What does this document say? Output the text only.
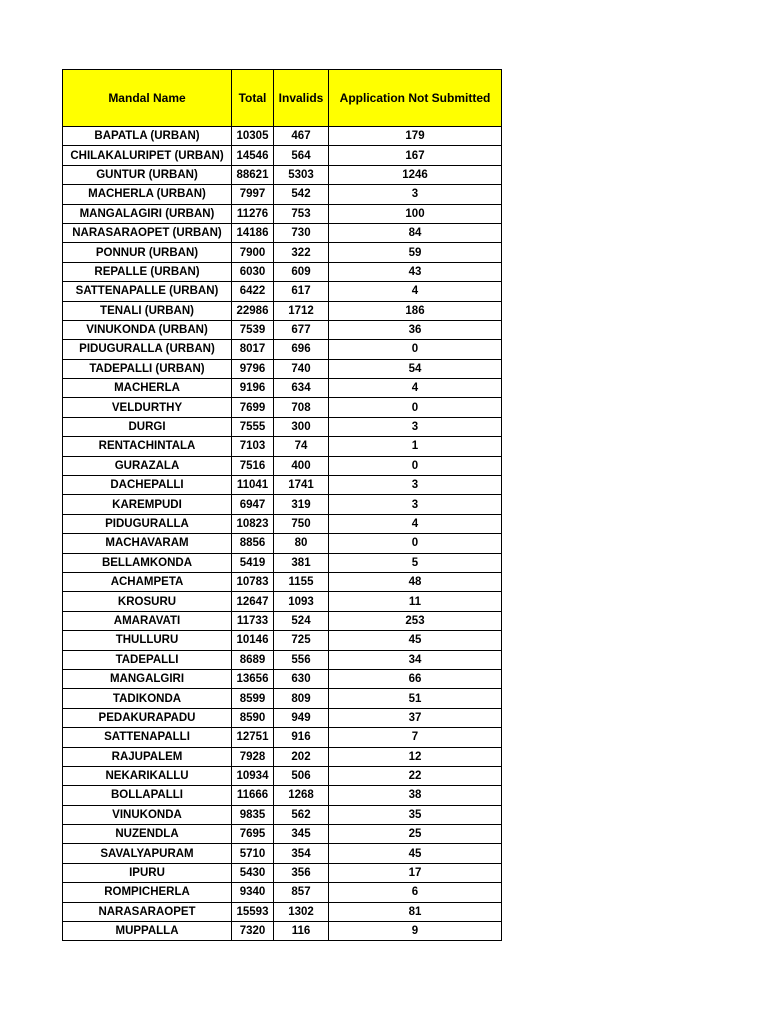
Mandal Name	Total	Invalids	Application Not Submitted
BAPATLA (URBAN)	10305	467	179
CHILAKALURIPET (URBAN)	14546	564	167
GUNTUR (URBAN)	88621	5303	1246
MACHERLA (URBAN)	7997	542	3
MANGALAGIRI (URBAN)	11276	753	100
NARASARAOPET (URBAN)	14186	730	84
PONNUR (URBAN)	7900	322	59
REPALLE (URBAN)	6030	609	43
SATTENAPALLE (URBAN)	6422	617	4
TENALI (URBAN)	22986	1712	186
VINUKONDA (URBAN)	7539	677	36
PIDUGURALLA (URBAN)	8017	696	0
TADEPALLI (URBAN)	9796	740	54
MACHERLA	9196	634	4
VELDURTHY	7699	708	0
DURGI	7555	300	3
RENTACHINTALA	7103	74	1
GURAZALA	7516	400	0
DACHEPALLI	11041	1741	3
KAREMPUDI	6947	319	3
PIDUGURALLA	10823	750	4
MACHAVARAM	8856	80	0
BELLAMKONDA	5419	381	5
ACHAMPETA	10783	1155	48
KROSURU	12647	1093	11
AMARAVATI	11733	524	253
THULLURU	10146	725	45
TADEPALLI	8689	556	34
MANGALGIRI	13656	630	66
TADIKONDA	8599	809	51
PEDAKURAPADU	8590	949	37
SATTENAPALLI	12751	916	7
RAJUPALEM	7928	202	12
NEKARIKALLU	10934	506	22
BOLLAPALLI	11666	1268	38
VINUKONDA	9835	562	35
NUZENDLA	7695	345	25
SAVALYAPURAM	5710	354	45
IPURU	5430	356	17
ROMPICHERLA	9340	857	6
NARASARAOPET	15593	1302	81
MUPPALLA	7320	116	9
